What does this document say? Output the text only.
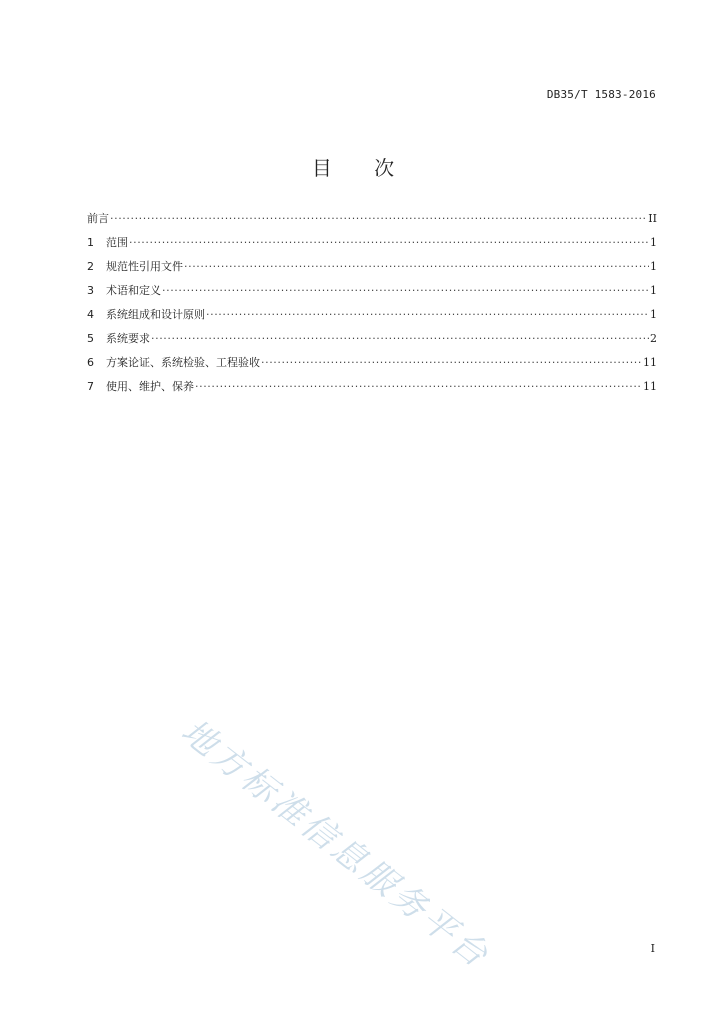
DB35/T 1583-2016
目 次
前言 ·····	II
1	范围 ·····	1
2	规范性引用文件 ·····	1
3	术语和定义 ·····	1
4	系统组成和设计原则 ·····	1
5	系统要求 ·····	2
6	方案论证、系统检验、工程验收 ·····	11
7	使用、维护、保养 ·····	11
地方标准信息服务平台	I
